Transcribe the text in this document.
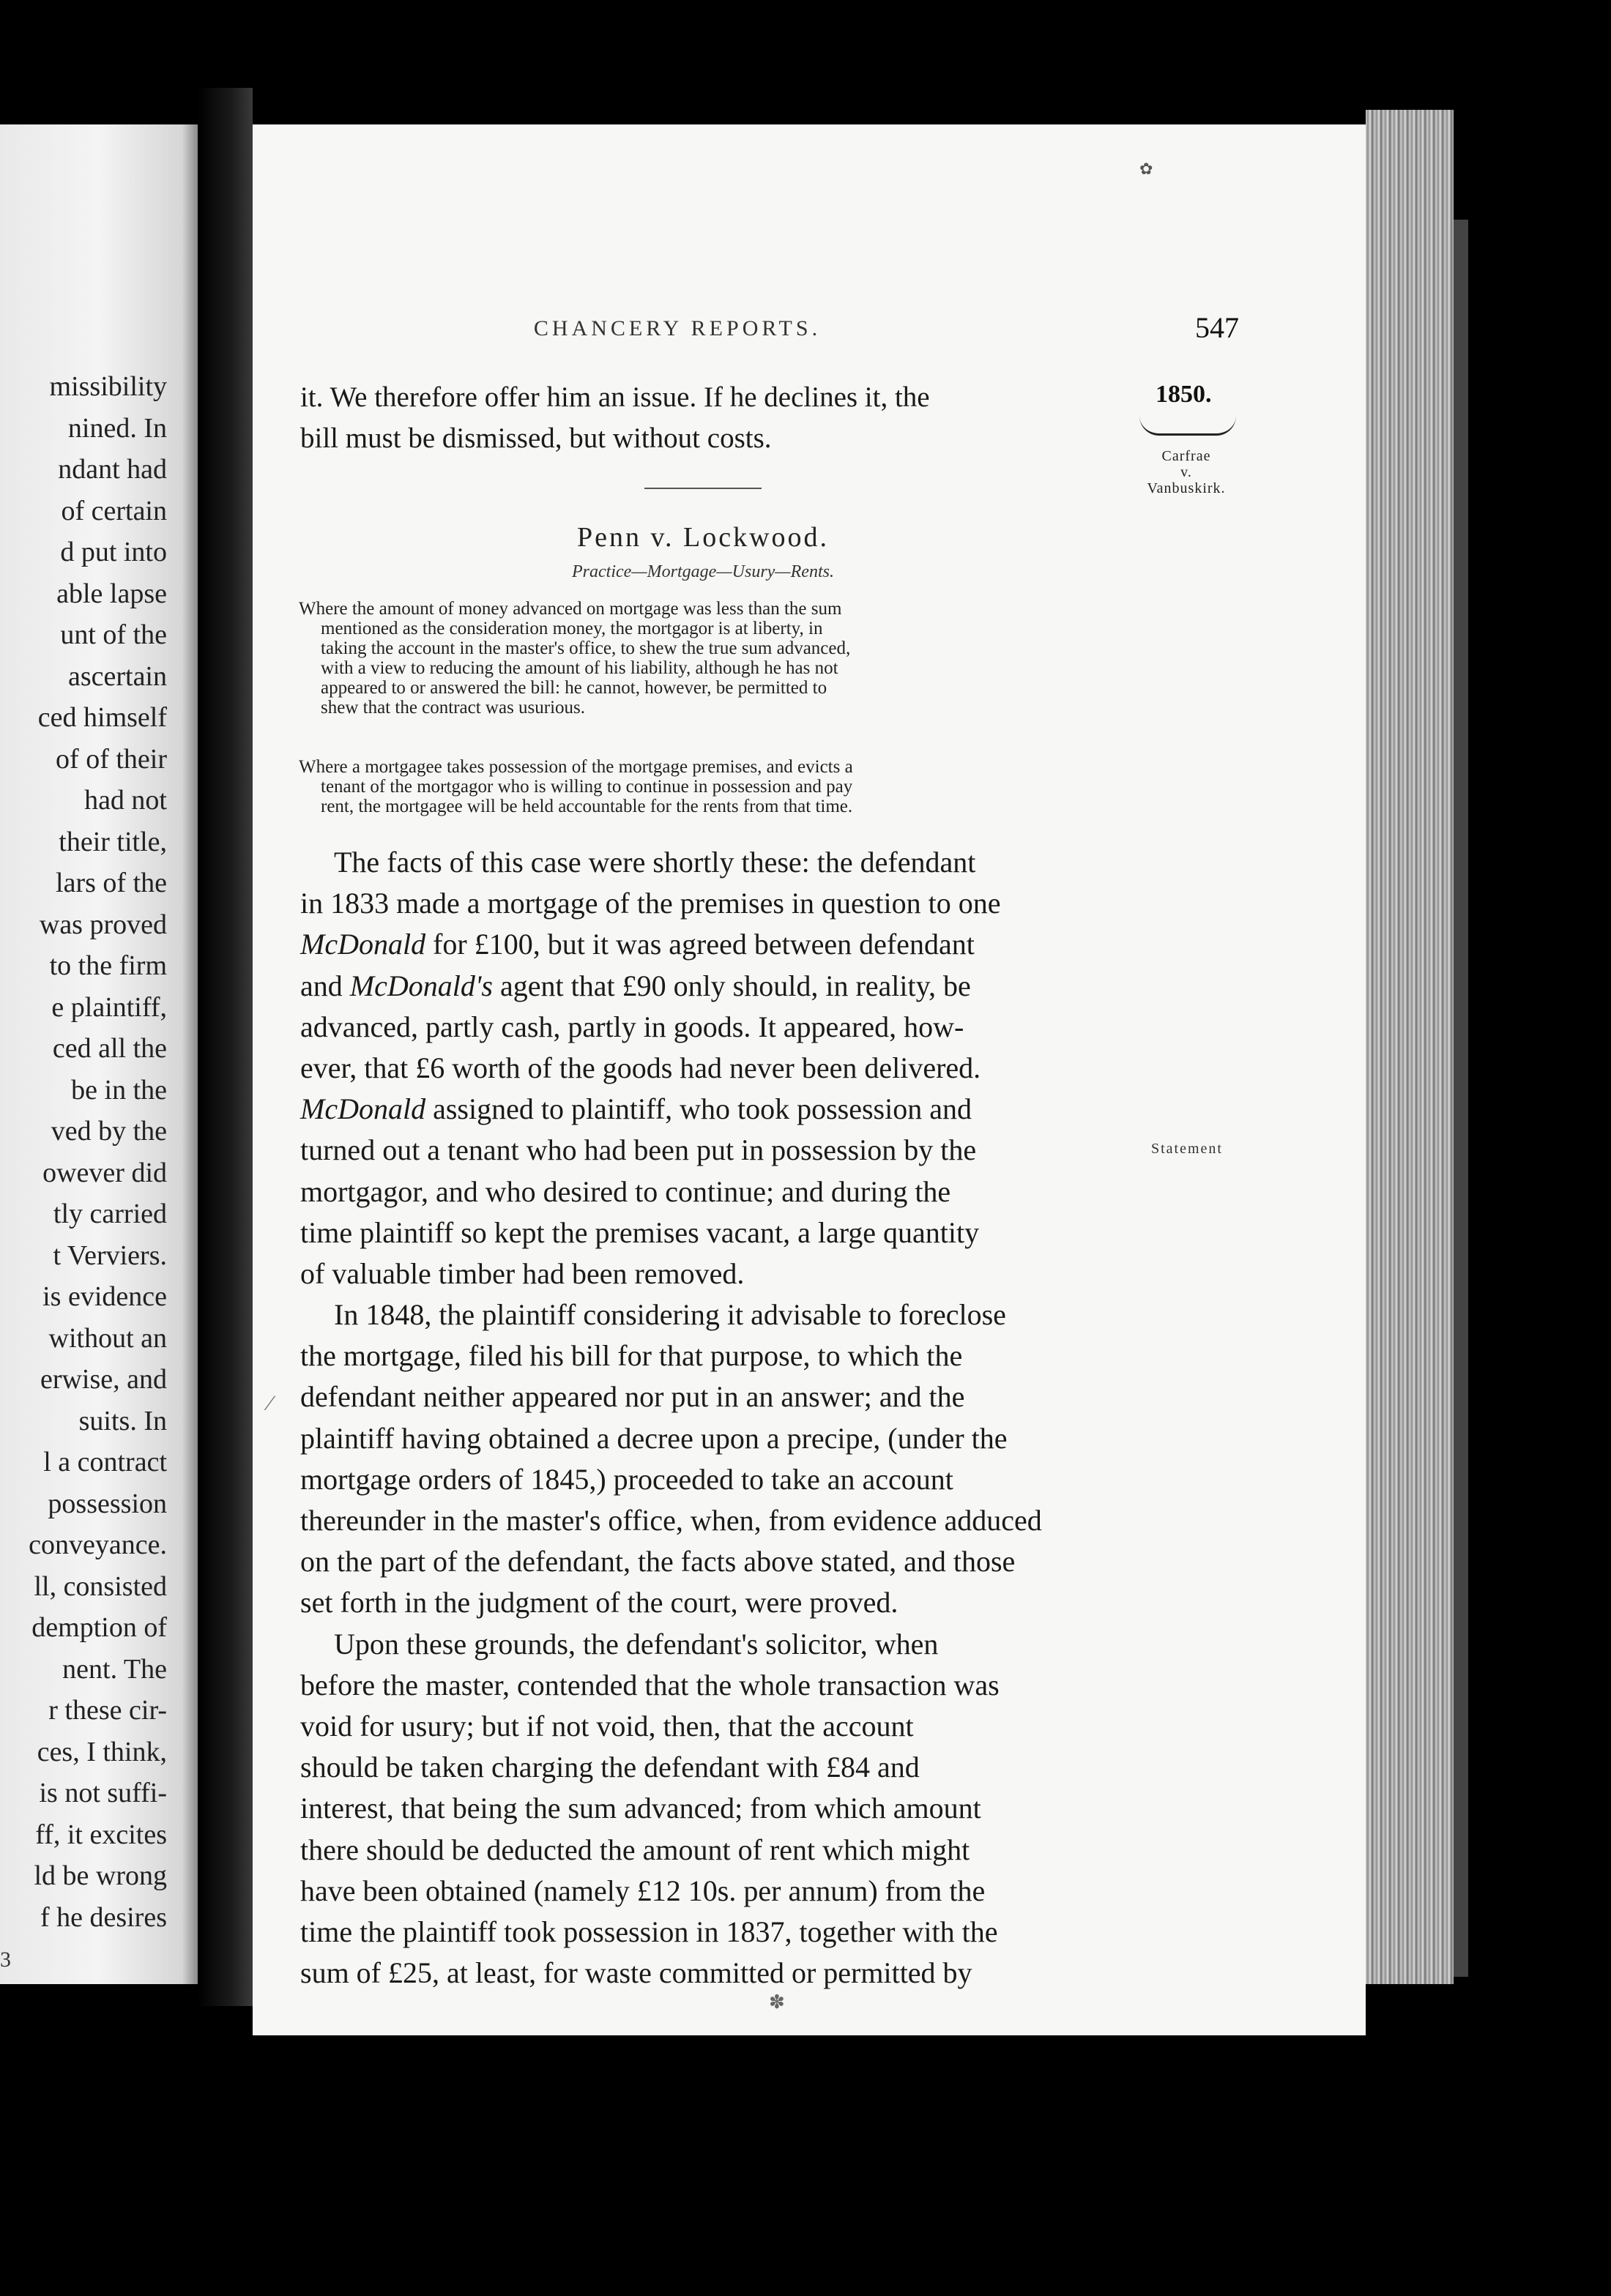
missibility
nined. In
ndant had
of certain
d put into
able lapse
unt of the
ascertain
ced himself
of of their
had not
their title,
lars of the
was proved
to the firm
e plaintiff,
ced all the
be in the
ved by the
owever did
tly carried
t Verviers.
is evidence
without an
erwise, and
suits. In
l a contract
possession
conveyance.
ll, consisted
demption of
nent. The
r these cir-
ces, I think,
is not suffi-
ff, it excites
ld be wrong
f he desires
3
✿
CHANCERY REPORTS.	547
1850.
Carfrae
v.
Vanbuskirk.
Statement
it. We therefore offer him an issue. If he declines it, the
bill must be dismissed, but without costs.
Penn v. Lockwood.
Practice—Mortgage—Usury—Rents.
Where the amount of money advanced on mortgage was less than the sum
mentioned as the consideration money, the mortgagor is at liberty, in
taking the account in the master's office, to shew the true sum advanced,
with a view to reducing the amount of his liability, although he has not
appeared to or answered the bill: he cannot, however, be permitted to
shew that the contract was usurious.
Where a mortgagee takes possession of the mortgage premises, and evicts a
tenant of the mortgagor who is willing to continue in possession and pay
rent, the mortgagee will be held accountable for the rents from that time.
The facts of this case were shortly these: the defendant
in 1833 made a mortgage of the premises in question to one
McDonald for £100, but it was agreed between defendant
and McDonald's agent that £90 only should, in reality, be
advanced, partly cash, partly in goods. It appeared, how-
ever, that £6 worth of the goods had never been delivered.
McDonald assigned to plaintiff, who took possession and
turned out a tenant who had been put in possession by the
mortgagor, and who desired to continue; and during the
time plaintiff so kept the premises vacant, a large quantity
of valuable timber had been removed.
In 1848, the plaintiff considering it advisable to foreclose
the mortgage, filed his bill for that purpose, to which the
defendant neither appeared nor put in an answer; and the
plaintiff having obtained a decree upon a precipe, (under the
mortgage orders of 1845,) proceeded to take an account
thereunder in the master's office, when, from evidence adduced
on the part of the defendant, the facts above stated, and those
set forth in the judgment of the court, were proved.
Upon these grounds, the defendant's solicitor, when
before the master, contended that the whole transaction was
void for usury; but if not void, then, that the account
should be taken charging the defendant with £84 and
interest, that being the sum advanced; from which amount
there should be deducted the amount of rent which might
have been obtained (namely £12 10s. per annum) from the
time the plaintiff took possession in 1837, together with the
sum of £25, at least, for waste committed or permitted by
⁄
✽
